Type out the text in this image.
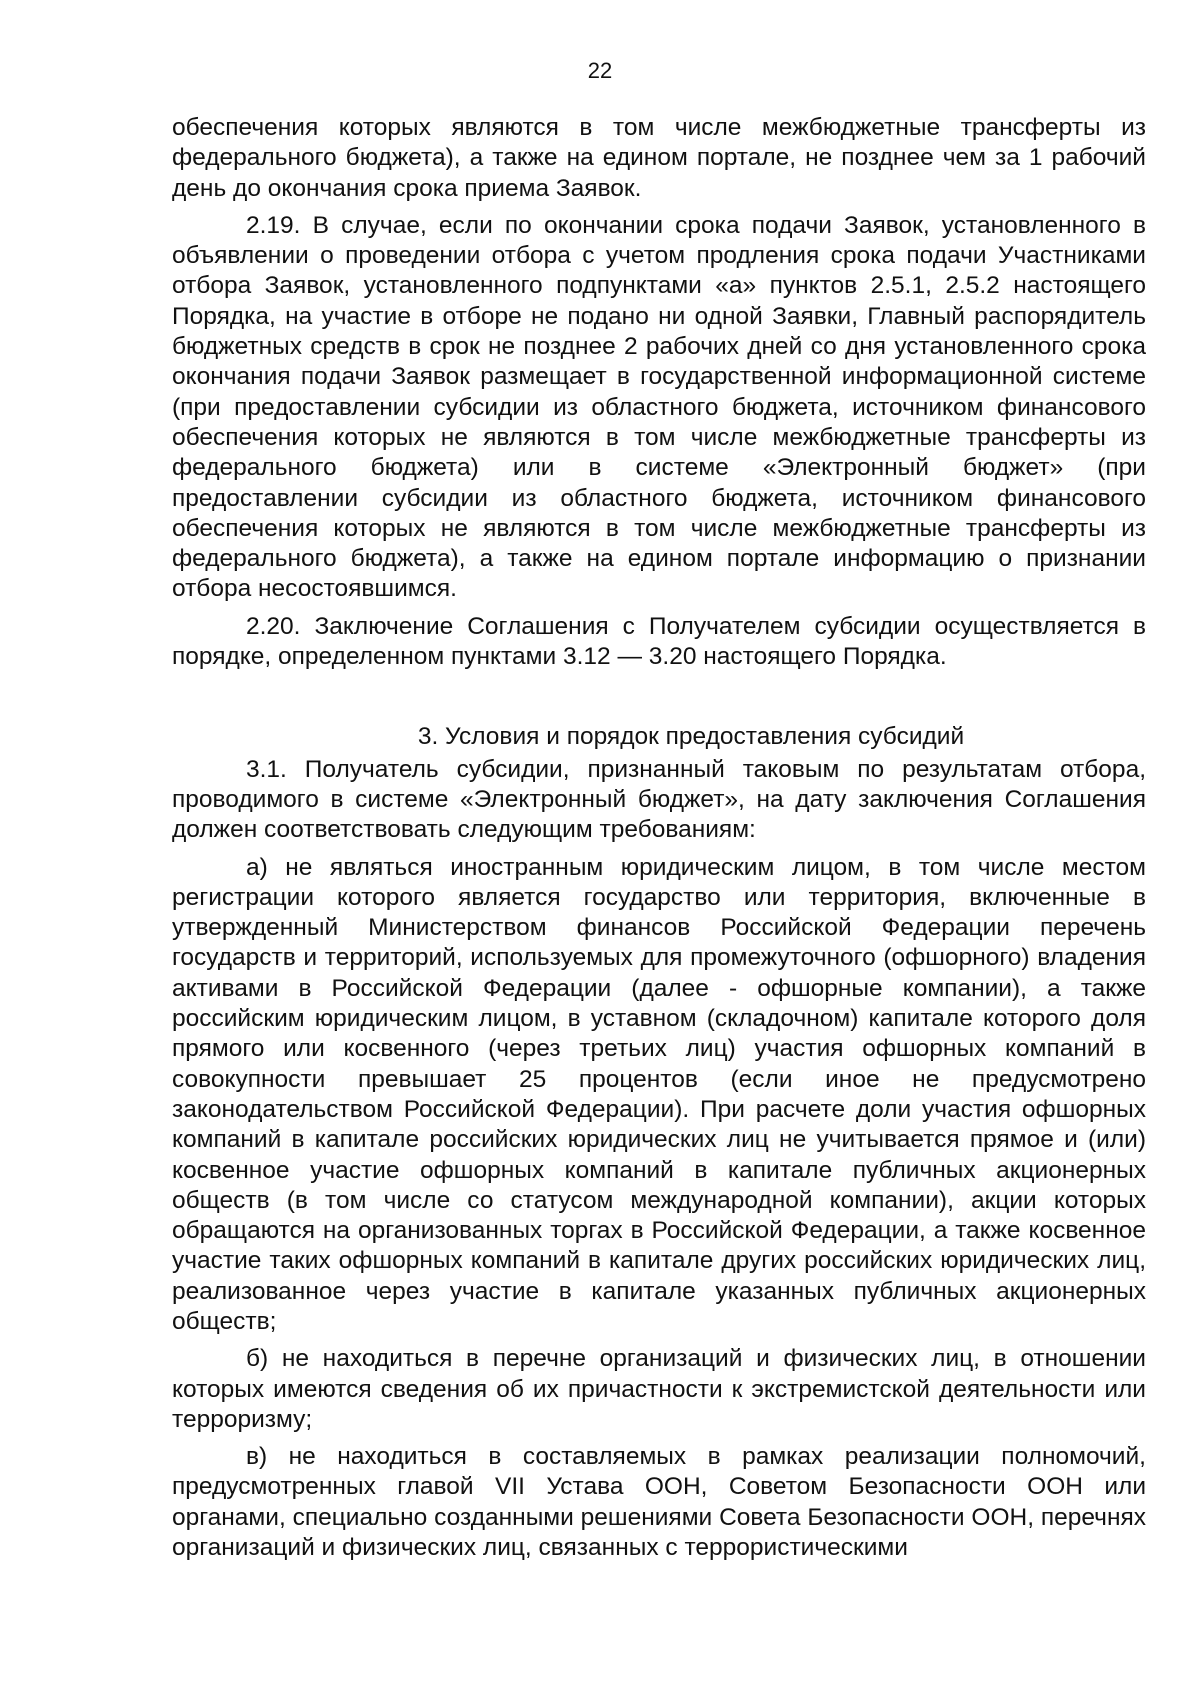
22

обеспечения которых являются в том числе межбюджетные трансферты из федерального бюджета), а также на едином портале, не позднее чем за 1 рабочий день до окончания срока приема Заявок.

2.19. В случае, если по окончании срока подачи Заявок, установленного в объявлении о проведении отбора с учетом продления срока подачи Участниками отбора Заявок, установленного подпунктами «а» пунктов 2.5.1, 2.5.2 настоящего Порядка, на участие в отборе не подано ни одной Заявки, Главный распорядитель бюджетных средств в срок не позднее 2 рабочих дней со дня установленного срока окончания подачи Заявок размещает в государственной информационной системе (при предоставлении субсидии из областного бюджета, источником финансового обеспечения которых не являются в том числе межбюджетные трансферты из федерального бюджета) или в системе «Электронный бюджет» (при предоставлении субсидии из областного бюджета, источником финансового обеспечения которых не являются в том числе межбюджетные трансферты из федерального бюджета), а также на едином портале информацию о признании отбора несостоявшимся.

2.20. Заключение Соглашения с Получателем субсидии осуществляется в порядке, определенном пунктами 3.12 — 3.20 настоящего Порядка.

3. Условия и порядок предоставления субсидий

3.1. Получатель субсидии, признанный таковым по результатам отбора, проводимого в системе «Электронный бюджет», на дату заключения Соглашения должен соответствовать следующим требованиям:

а) не являться иностранным юридическим лицом, в том числе местом регистрации которого является государство или территория, включенные в утвержденный Министерством финансов Российской Федерации перечень государств и территорий, используемых для промежуточного (офшорного) владения активами в Российской Федерации (далее - офшорные компании), а также российским юридическим лицом, в уставном (складочном) капитале которого доля прямого или косвенного (через третьих лиц) участия офшорных компаний в совокупности превышает 25 процентов (если иное не предусмотрено законодательством Российской Федерации). При расчете доли участия офшорных компаний в капитале российских юридических лиц не учитывается прямое и (или) косвенное участие офшорных компаний в капитале публичных акционерных обществ (в том числе со статусом международной компании), акции которых обращаются на организованных торгах в Российской Федерации, а также косвенное участие таких офшорных компаний в капитале других российских юридических лиц, реализованное через участие в капитале указанных публичных акционерных обществ;

б) не находиться в перечне организаций и физических лиц, в отношении которых имеются сведения об их причастности к экстремистской деятельности или терроризму;

в) не находиться в составляемых в рамках реализации полномочий, предусмотренных главой VII Устава ООН, Советом Безопасности ООН или органами, специально созданными решениями Совета Безопасности ООН, перечнях организаций и физических лиц, связанных с террористическими
